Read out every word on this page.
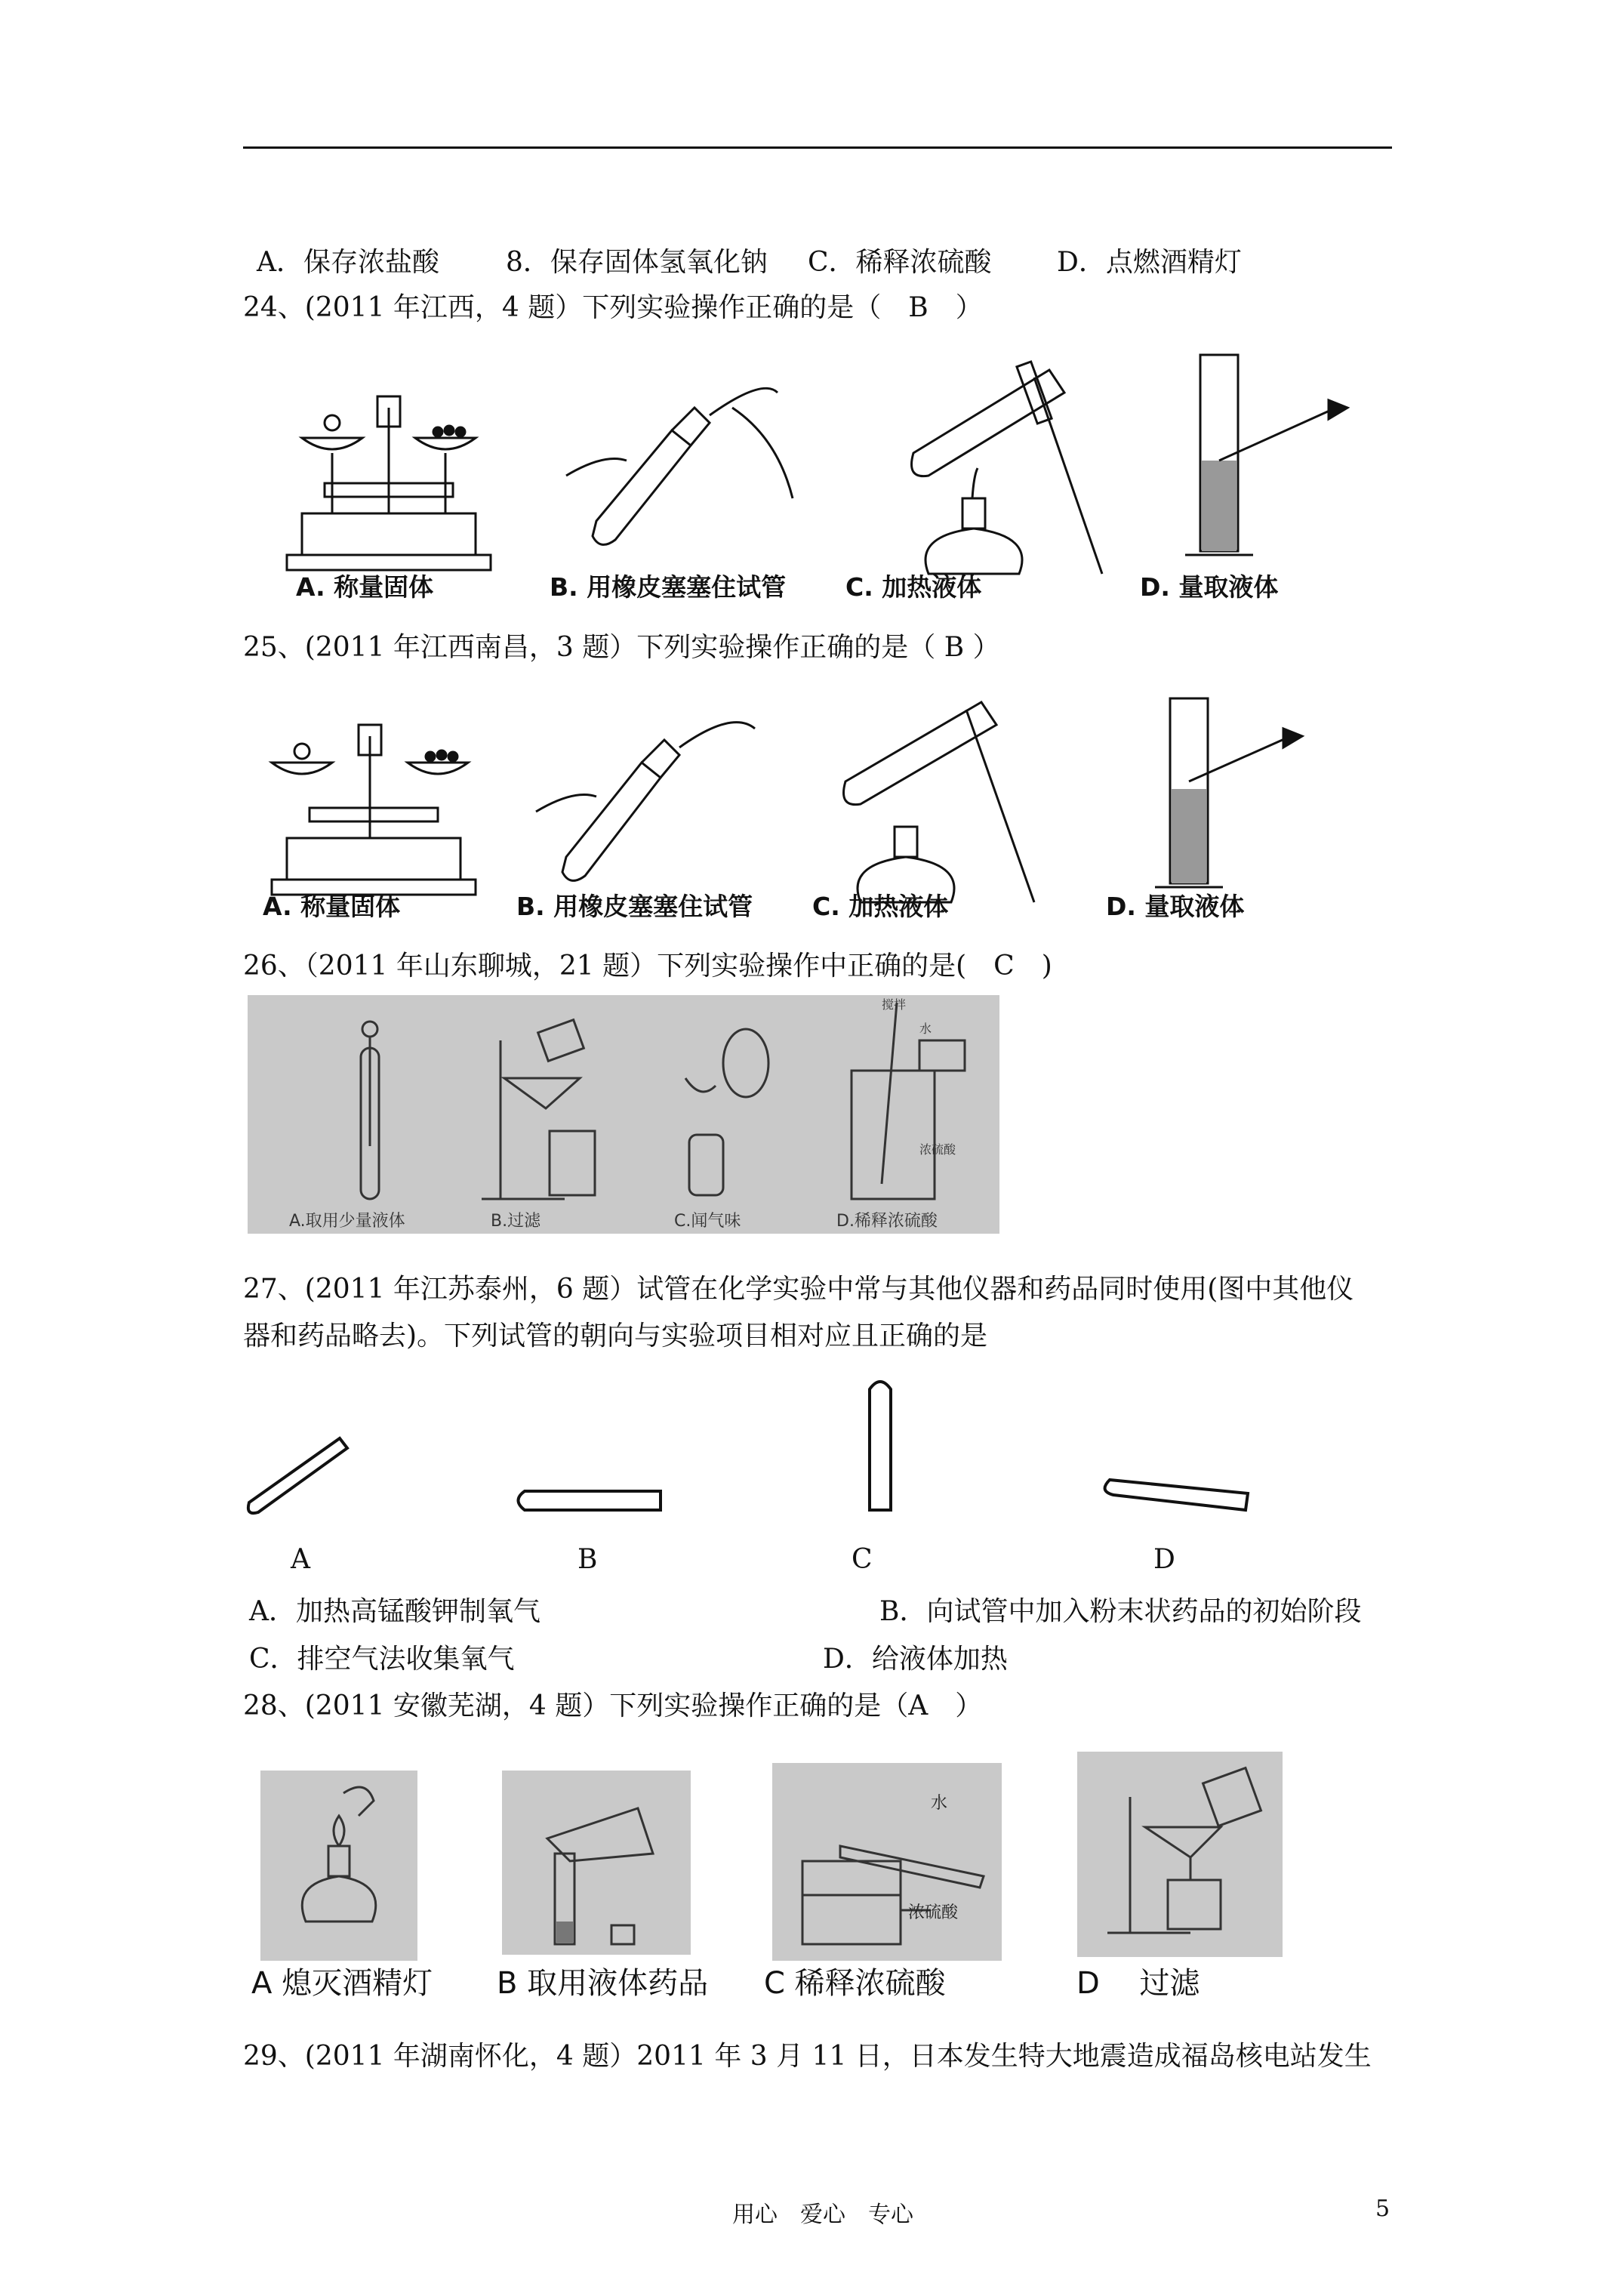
A．保存浓盐酸 8．保存固体氢氧化钠 C．稀释浓硫酸 D．点燃酒精灯
24、(2011 年江西，4 题）下列实验操作正确的是（　B　）
A. 称量固体	B. 用橡皮塞塞住试管 C. 加热液体	D. 量取液体
25、(2011 年江西南昌，3 题）下列实验操作正确的是（ B ）
A. 称量固体	B. 用橡皮塞塞住试管 C. 加热液体	D. 量取液体
26、（2011 年山东聊城，21 题）下列实验操作中正确的是(　C　)
搅拌
水
浓硫酸
A.取用少量液体	B.过滤	C.闻气味	D.稀释浓硫酸
27、(2011 年江苏泰州，6 题）试管在化学实验中常与其他仪器和药品同时使用(图中其他仪
器和药品略去)。下列试管的朝向与实验项目相对应且正确的是
A	B	C	D
A．加热高锰酸钾制氧气	B．向试管中加入粉末状药品的初始阶段
C．排空气法收集氧气	D．给液体加热
28、(2011 安徽芜湖，4 题）下列实验操作正确的是（A　）
水
浓硫酸
A 熄灭酒精灯 B 取用液体药品 C 稀释浓硫酸	D　 过滤
29、(2011 年湖南怀化，4 题）2011 年 3 月 11 日，日本发生特大地震造成福岛核电站发生
用心　爱心　专心	5
